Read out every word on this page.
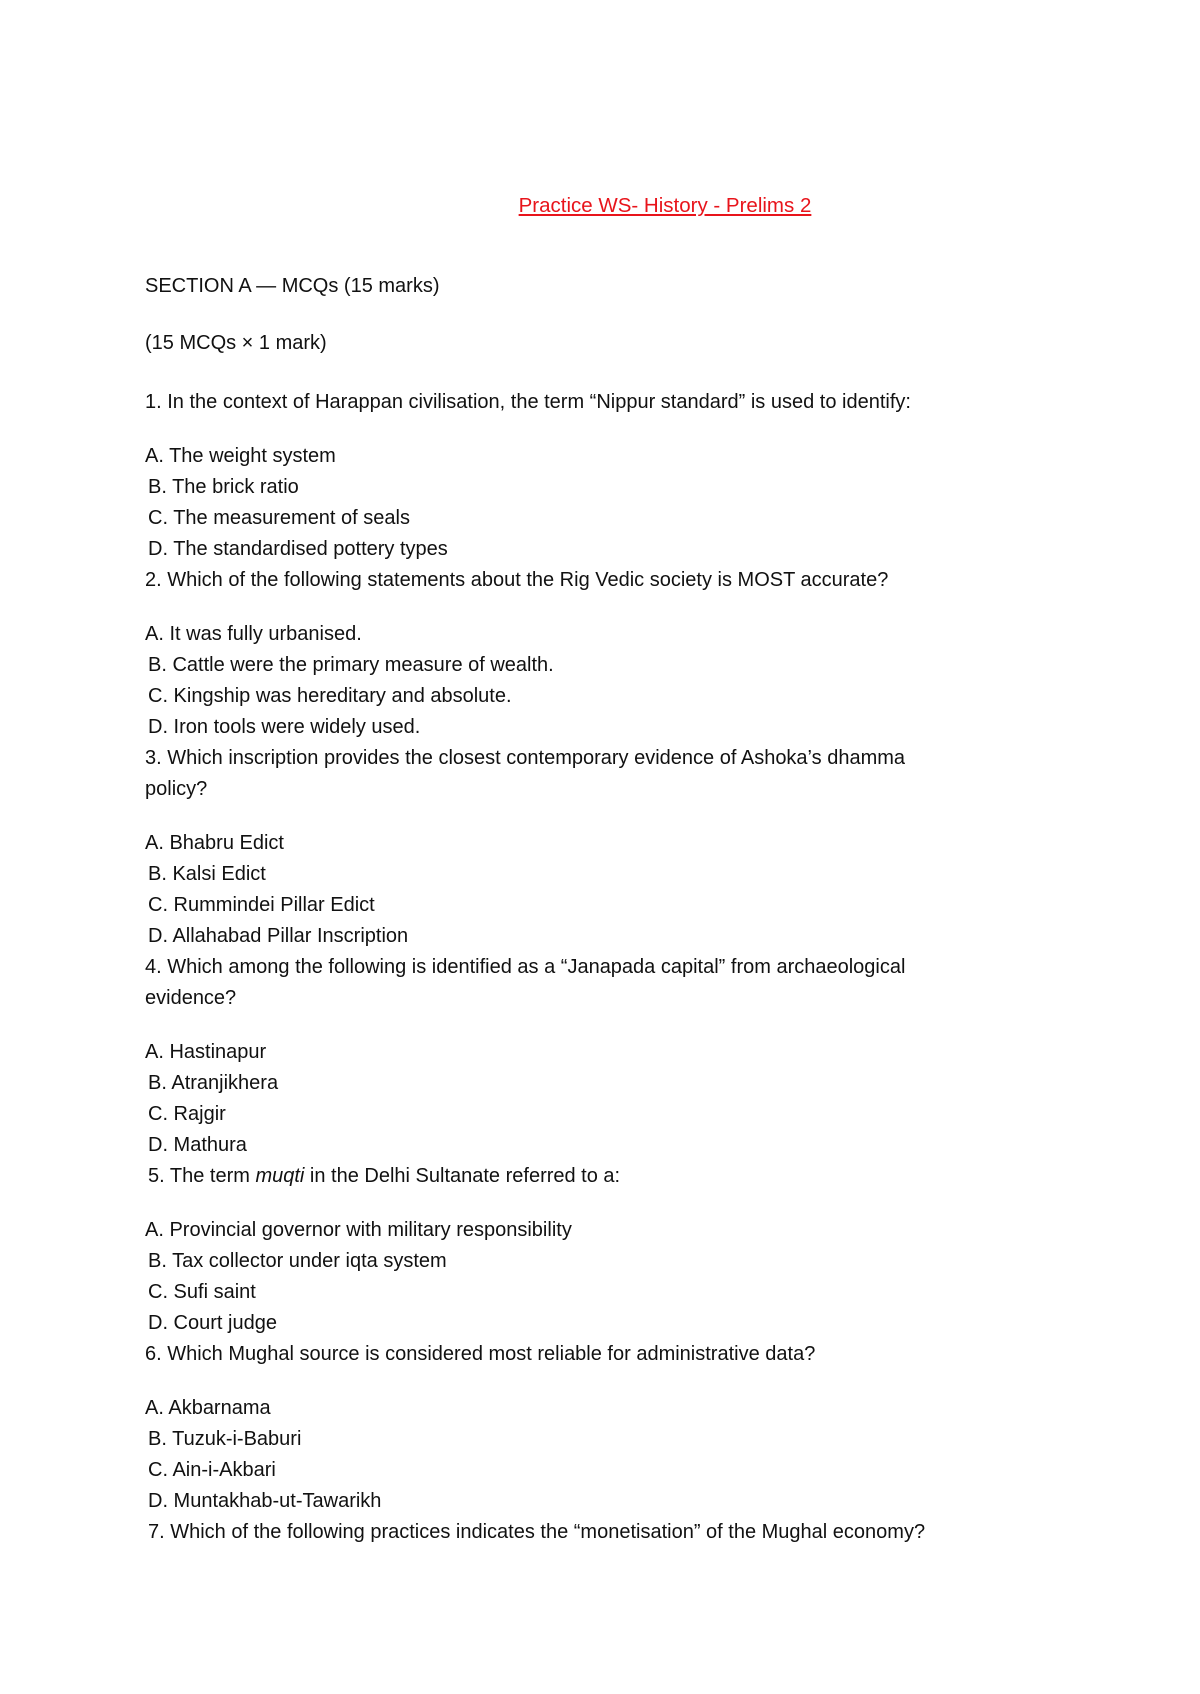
Practice WS- History - Prelims 2
SECTION A — MCQs (15 marks)
(15 MCQs × 1 mark)
1. In the context of Harappan civilisation, the term “Nippur standard” is used to identify:
A. The weight system
B. The brick ratio
C. The measurement of seals
D. The standardised pottery types
2. Which of the following statements about the Rig Vedic society is MOST accurate?
A. It was fully urbanised.
B. Cattle were the primary measure of wealth.
C. Kingship was hereditary and absolute.
D. Iron tools were widely used.
3. Which inscription provides the closest contemporary evidence of Ashoka’s dhamma
policy?
A. Bhabru Edict
B. Kalsi Edict
C. Rummindei Pillar Edict
D. Allahabad Pillar Inscription
4. Which among the following is identified as a “Janapada capital” from archaeological
evidence?
A. Hastinapur
B. Atranjikhera
C. Rajgir
D. Mathura
5. The term muqti in the Delhi Sultanate referred to a:
A. Provincial governor with military responsibility
B. Tax collector under iqta system
C. Sufi saint
D. Court judge
6. Which Mughal source is considered most reliable for administrative data?
A. Akbarnama
B. Tuzuk-i-Baburi
C. Ain-i-Akbari
D. Muntakhab-ut-Tawarikh
7. Which of the following practices indicates the “monetisation” of the Mughal economy?
